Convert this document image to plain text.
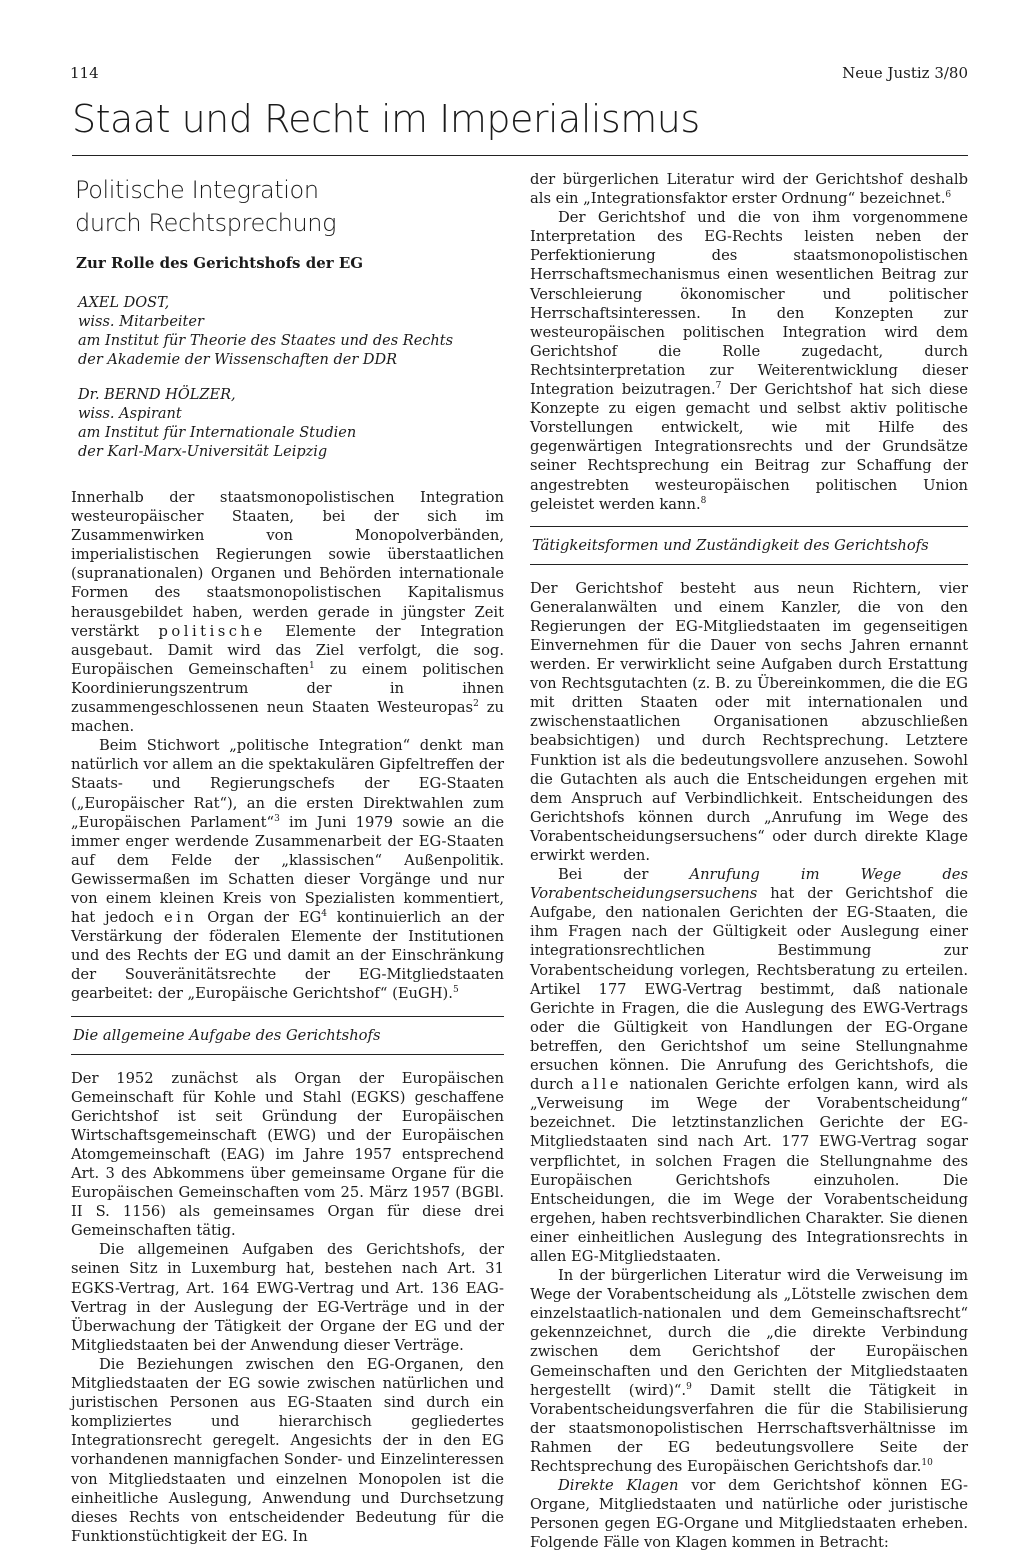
114	Neue Justiz 3/80
Staat und Recht im Imperialismus
Politische Integration
durch Rechtsprechung
Zur Rolle des Gerichtshofs der EG
AXEL DOST,
wiss. Mitarbeiter
am Institut für Theorie des Staates und des Rechts
der Akademie der Wissenschaften der DDR
Dr. BERND HÖLZER,
wiss. Aspirant
am Institut für Internationale Studien
der Karl-Marx-Universität Leipzig

Innerhalb der staatsmonopolistischen Integration westeuropäischer Staaten, bei der sich im Zusammenwirken von Monopolverbänden, imperialistischen Regierungen sowie überstaatlichen (supranationalen) Organen und Behörden internationale Formen des staatsmonopolistischen Kapitalismus herausgebildet haben, werden gerade in jüngster Zeit verstärkt politische Elemente der Integration ausgebaut. Damit wird das Ziel verfolgt, die sog. Europäischen Gemeinschaften$^1$ zu einem politischen Koordinierungszentrum der in ihnen zusammengeschlossenen neun Staaten Westeuropas$^2$ zu machen.

Beim Stichwort „politische Integration“ denkt man natürlich vor allem an die spektakulären Gipfeltreffen der Staats- und Regierungschefs der EG-Staaten („Europäischer Rat“), an die ersten Direktwahlen zum „Europäischen Parlament“$^3$ im Juni 1979 sowie an die immer enger werdende Zusammenarbeit der EG-Staaten auf dem Felde der „klassischen“ Außenpolitik. Gewissermaßen im Schatten dieser Vorgänge und nur von einem kleinen Kreis von Spezialisten kommentiert, hat jedoch ein Organ der $EG^4$ kontinuierlich an der Verstärkung der föderalen Elemente der Institutionen und des Rechts der EG und damit an der Einschränkung der Souveränitätsrechte der EG-Mitgliedstaaten gearbeitet: der „Europäische Gerichtshof“ (EuGH).$^5$

Die allgemeine Aufgabe des Gerichtshofs

Der 1952 zunächst als Organ der Europäischen Gemeinschaft für Kohle und Stahl (EGKS) geschaffene Gerichtshof ist seit Gründung der Europäischen Wirtschaftsgemeinschaft (EWG) und der Europäischen Atomgemeinschaft (EAG) im Jahre 1957 entsprechend Art. 3 des Abkommens über gemeinsame Organe für die Europäischen Gemeinschaften vom 25. März 1957 (BGBl. II S. 1156) als gemeinsames Organ für diese drei Gemeinschaften tätig.

Die allgemeinen Aufgaben des Gerichtshofs, der seinen Sitz in Luxemburg hat, bestehen nach Art. 31 EGKS-Vertrag, Art. 164 EWG-Vertrag und Art. 136 EAG-Vertrag in der Auslegung der EG-Verträge und in der Überwachung der Tätigkeit der Organe der EG und der Mitgliedstaaten bei der Anwendung dieser Verträge.

Die Beziehungen zwischen den EG-Organen, den Mitgliedstaaten der EG sowie zwischen natürlichen und juristischen Personen aus EG-Staaten sind durch ein kompliziertes und hierarchisch gegliedertes Integrationsrecht geregelt. Angesichts der in den EG vorhandenen mannigfachen Sonder- und Einzelinteressen von Mitgliedstaaten und einzelnen Monopolen ist die einheitliche Auslegung, Anwendung und Durchsetzung dieses Rechts von entscheidender Bedeutung für die Funktionstüchtigkeit der EG. In

der bürgerlichen Literatur wird der Gerichtshof deshalb als ein „Integrationsfaktor erster Ordnung“ bezeichnet.$^6$

Der Gerichtshof und die von ihm vorgenommene Interpretation des EG-Rechts leisten neben der Perfektionierung des staatsmonopolistischen Herrschaftsmechanismus einen wesentlichen Beitrag zur Verschleierung ökonomischer und politischer Herrschaftsinteressen. In den Konzepten zur westeuropäischen politischen Integration wird dem Gerichtshof die Rolle zugedacht, durch Rechtsinterpretation zur Weiterentwicklung dieser Integration beizutragen.$^7$ Der Gerichtshof hat sich diese Konzepte zu eigen gemacht und selbst aktiv politische Vorstellungen entwickelt, wie mit Hilfe des gegenwärtigen Integrationsrechts und der Grundsätze seiner Rechtsprechung ein Beitrag zur Schaffung der angestrebten westeuropäischen politischen Union geleistet werden kann.$^8$

Tätigkeitsformen und Zuständigkeit des Gerichtshofs

Der Gerichtshof besteht aus neun Richtern, vier Generalanwälten und einem Kanzler, die von den Regierungen der EG-Mitgliedstaaten im gegenseitigen Einvernehmen für die Dauer von sechs Jahren ernannt werden. Er verwirklicht seine Aufgaben durch Erstattung von Rechtsgutachten (z. B. zu Übereinkommen, die die EG mit dritten Staaten oder mit internationalen und zwischenstaatlichen Organisationen abzuschließen beabsichtigen) und durch Rechtsprechung. Letztere Funktion ist als die bedeutungsvollere anzusehen. Sowohl die Gutachten als auch die Entscheidungen ergehen mit dem Anspruch auf Verbindlichkeit. Entscheidungen des Gerichtshofs können durch „Anrufung im Wege des Vorabentscheidungsersuchens“ oder durch direkte Klage erwirkt werden.

Bei der	Anrufung im Wege des Vorabentscheidungsersuchens hat der Gerichtshof die Aufgabe, den nationalen Gerichten der EG-Staaten, die ihm Fragen nach der Gültigkeit oder Auslegung einer integrationsrechtlichen Bestimmung zur Vorabentscheidung vorlegen, Rechtsberatung zu erteilen. Artikel 177 EWG-Vertrag bestimmt, daß nationale Gerichte in Fragen, die die Auslegung des EWG-Vertrags oder die Gültigkeit von Handlungen der EG-Organe betreffen, den Gerichtshof um seine Stellungnahme ersuchen können. Die Anrufung des Gerichtshofs, die durch alle nationalen Gerichte erfolgen kann, wird als „Verweisung im Wege der Vorabentscheidung“ bezeichnet. Die letztinstanzlichen Gerichte der EG-Mitgliedstaaten sind nach Art. 177 EWG-Vertrag sogar verpflichtet, in solchen Fragen die Stellungnahme des Europäischen Gerichtshofs einzuholen. Die Entscheidungen, die im Wege der Vorabentscheidung ergehen, haben rechtsverbindlichen Charakter. Sie dienen einer einheitlichen Auslegung des Integrationsrechts in allen EG-Mitgliedstaaten.

In der bürgerlichen Literatur wird die Verweisung im Wege der Vorabentscheidung als „Lötstelle zwischen dem einzelstaatlich-nationalen und dem Gemeinschaftsrecht“ gekennzeichnet, durch die „die direkte Verbindung zwischen dem Gerichtshof der Europäischen Gemeinschaften und den Gerichten der Mitgliedstaaten hergestellt (wird)“.$^9$ Damit stellt die Tätigkeit in Vorabentscheidungsverfahren die für die Stabilisierung der staatsmonopolistischen Herrschaftsverhältnisse im Rahmen der EG bedeutungsvollere Seite der Rechtsprechung des Europäischen Gerichtshofs dar.$^{10}$

Direkte Klagen vor dem Gerichtshof können EG-Organe, Mitgliedstaaten und natürliche oder juristische Personen gegen EG-Organe und Mitgliedstaaten erheben. Folgende Fälle von Klagen kommen in Betracht:
